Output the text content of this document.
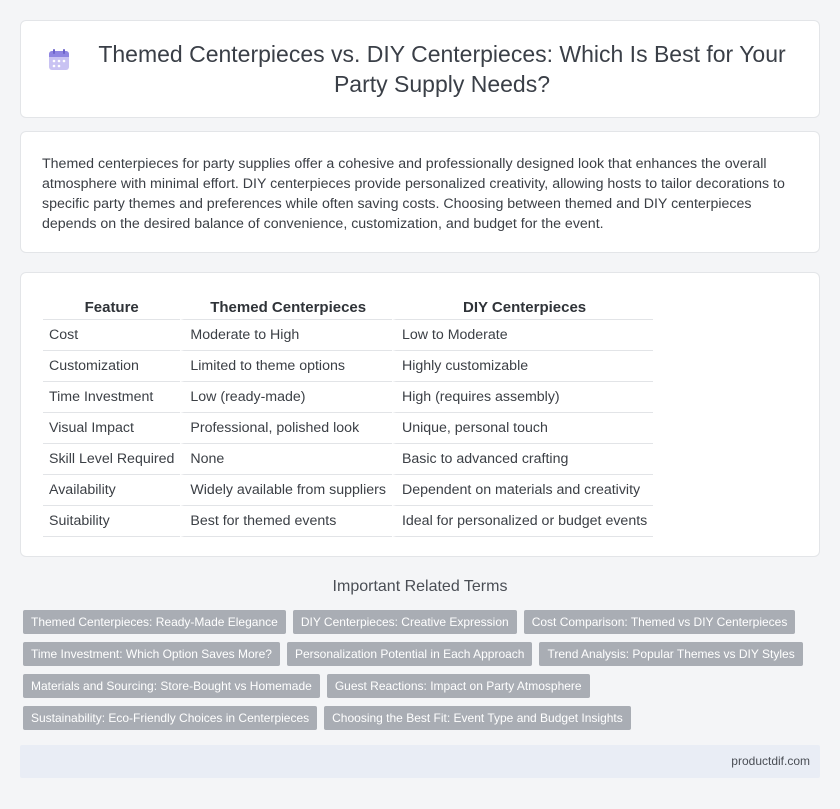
Themed Centerpieces vs. DIY Centerpieces: Which Is Best for Your Party Supply Needs?

Themed centerpieces for party supplies offer a cohesive and professionally designed look that enhances the overall atmosphere with minimal effort. DIY centerpieces provide personalized creativity, allowing hosts to tailor decorations to specific party themes and preferences while often saving costs. Choosing between themed and DIY centerpieces depends on the desired balance of convenience, customization, and budget for the event.

Feature	Themed Centerpieces	DIY Centerpieces
Cost	Moderate to High	Low to Moderate
Customization	Limited to theme options	Highly customizable
Time Investment	Low (ready-made)	High (requires assembly)
Visual Impact	Professional, polished look	Unique, personal touch
Skill Level Required	None	Basic to advanced crafting
Availability	Widely available from suppliers	Dependent on materials and creativity
Suitability	Best for themed events	Ideal for personalized or budget events
Important Related Terms
Themed Centerpieces: Ready-Made Elegance	DIY Centerpieces: Creative Expression	Cost Comparison: Themed vs DIY Centerpieces
Time Investment: Which Option Saves More?	Personalization Potential in Each Approach	Trend Analysis: Popular Themes vs DIY Styles
Materials and Sourcing: Store-Bought vs Homemade	Guest Reactions: Impact on Party Atmosphere
Sustainability: Eco-Friendly Choices in Centerpieces	Choosing the Best Fit: Event Type and Budget Insights
productdif.com
